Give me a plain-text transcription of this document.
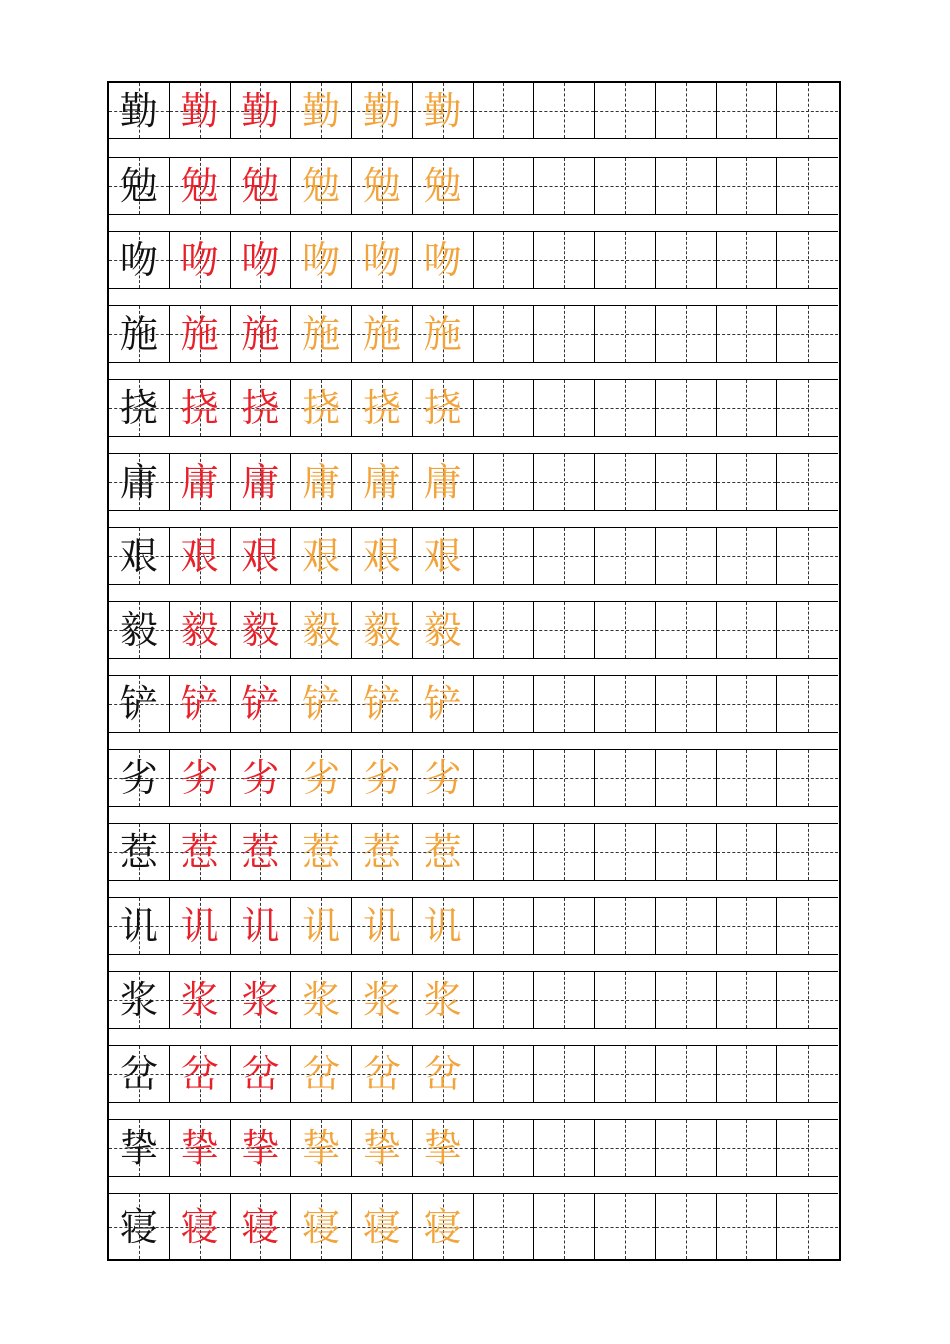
勤 勤 勤 勤 勤 勤
勉 勉 勉 勉 勉 勉
吻 吻 吻 吻 吻 吻
施 施 施 施 施 施
挠 挠 挠 挠 挠 挠
庸 庸 庸 庸 庸 庸
艰 艰 艰 艰 艰 艰
毅 毅 毅 毅 毅 毅
铲 铲 铲 铲 铲 铲
劣 劣 劣 劣 劣 劣
惹 惹 惹 惹 惹 惹
讥 讥 讥 讥 讥 讥
浆 浆 浆 浆 浆 浆
岔 岔 岔 岔 岔 岔
挚 挚 挚 挚 挚 挚
寝 寝 寝 寝 寝 寝
